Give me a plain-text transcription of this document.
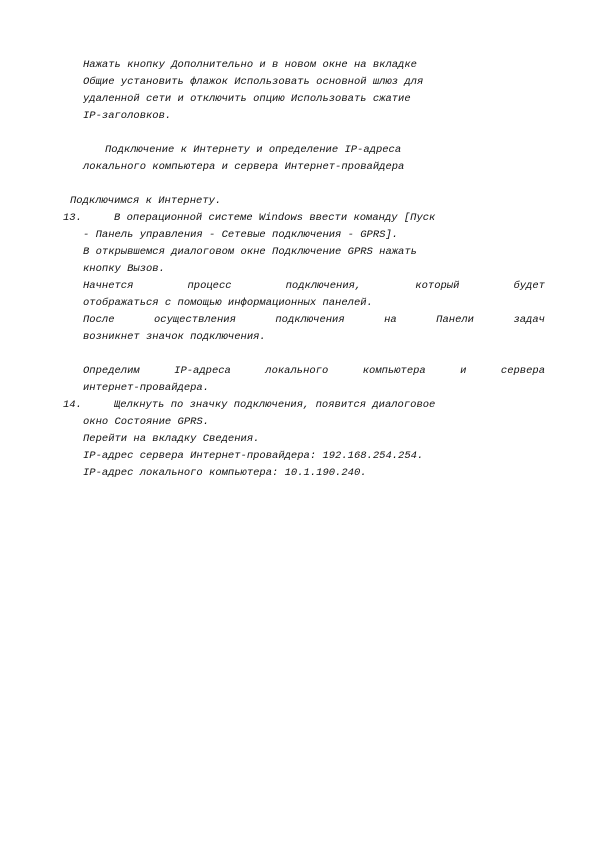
Нажать кнопку Дополнительно и в новом окне на вкладке
Общие установить флажок Использовать основной шлюз для
удаленной сети и отключить опцию Использовать сжатие
IP-заголовков.
Подключение к Интернету и определение IP-адреса
локального компьютера и сервера Интернет-провайдера
Подключимся к Интернету.
13.	В операционной системе Windows ввести команду [Пуск
- Панель управления - Сетевые подключения - GPRS].
В открывшемся диалоговом окне Подключение GPRS нажать
кнопку Вызов.
Начнется	процесс	подключения,	который	будет
отображаться с помощью информационных панелей.
После	осуществления	подключения	на	Панели	задач
возникнет значок подключения.
Определим	IP-адреса	локального	компьютера	и	сервера
интернет-провайдера.
14.	Щелкнуть по значку подключения, появится диалоговое
окно Состояние GPRS.
Перейти на вкладку Сведения.
IP-адрес сервера Интернет-провайдера: 192.168.254.254.
IP-адрес локального компьютера: 10.1.190.240.
